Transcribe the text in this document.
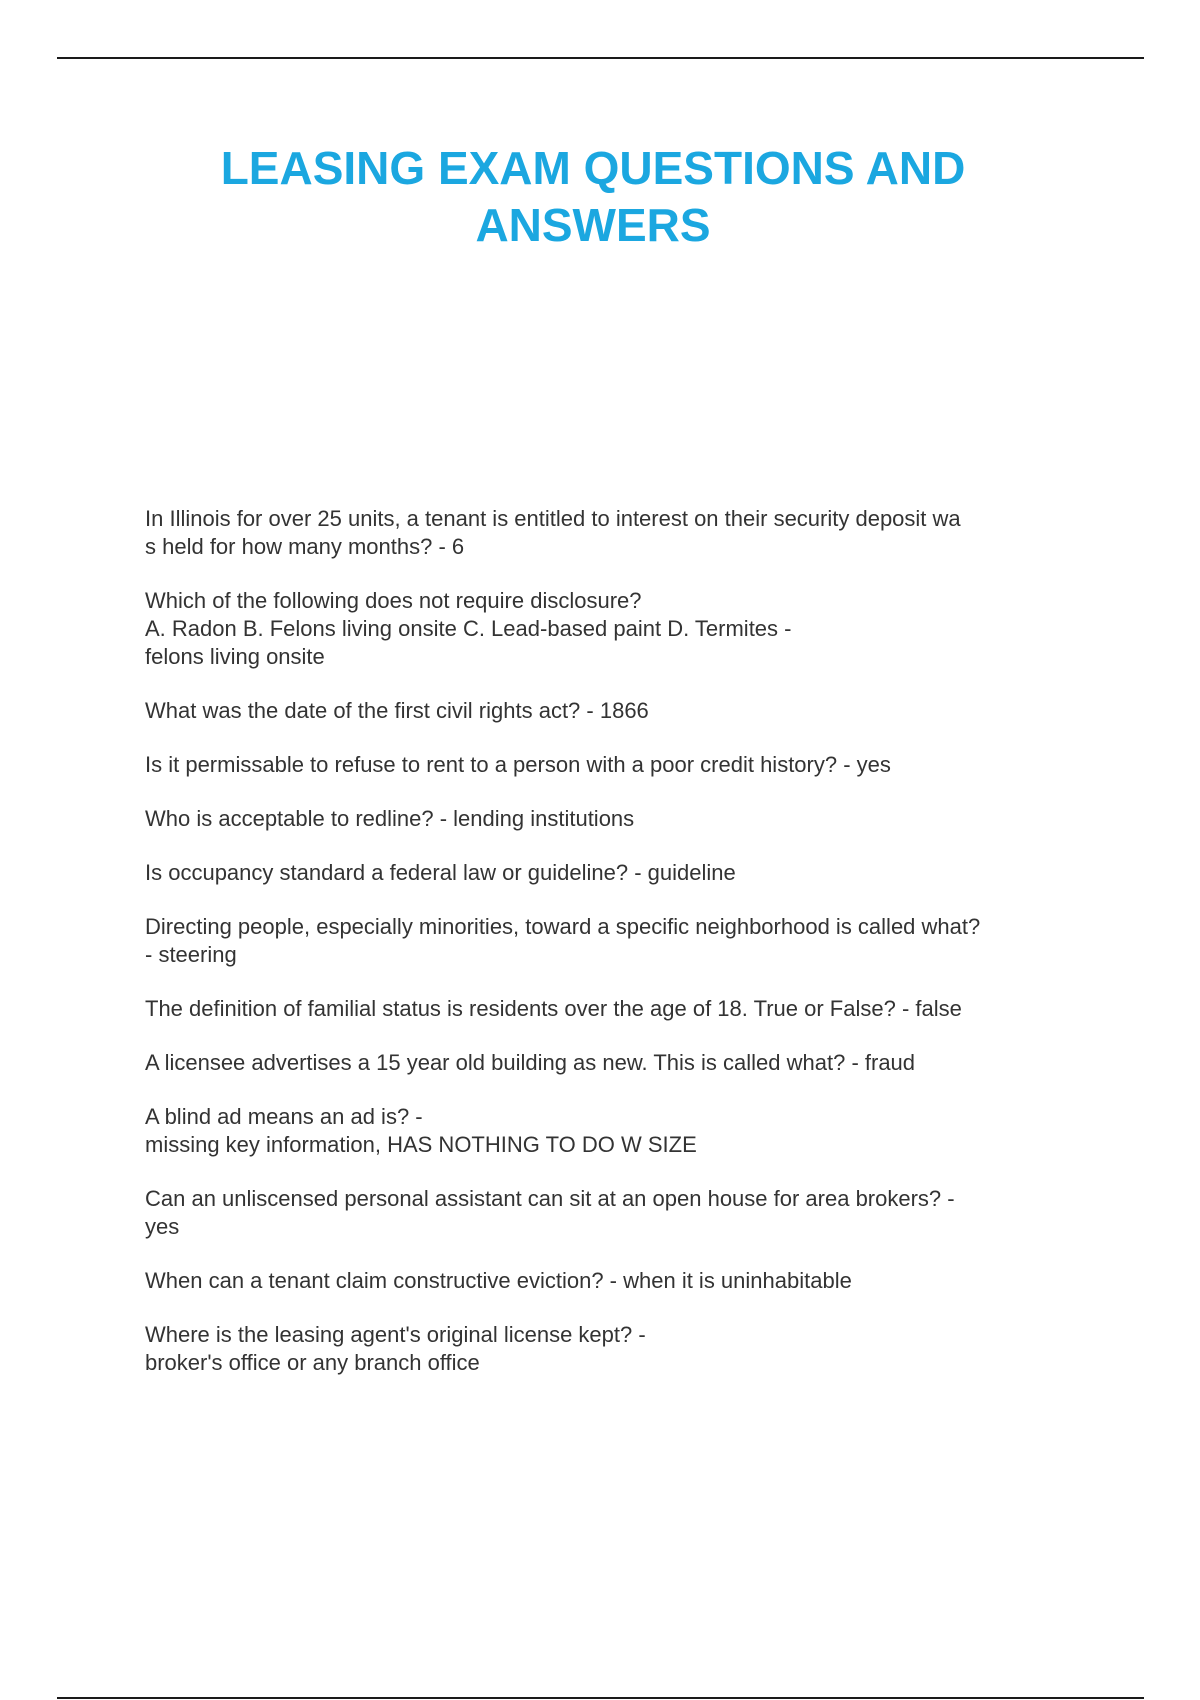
LEASING EXAM QUESTIONS AND
ANSWERS
In Illinois for over 25 units, a tenant is entitled to interest on their security deposit wa
s held for how many months? - 6
Which of the following does not require disclosure?
A. Radon B. Felons living onsite C. Lead-based paint D. Termites -
felons living onsite
What was the date of the first civil rights act? - 1866
Is it permissable to refuse to rent to a person with a poor credit history? - yes
Who is acceptable to redline? - lending institutions
Is occupancy standard a federal law or guideline? - guideline
Directing people, especially minorities, toward a specific neighborhood is called what?
- steering
The definition of familial status is residents over the age of 18. True or False? - false
A licensee advertises a 15 year old building as new. This is called what? - fraud
A blind ad means an ad is? -
missing key information, HAS NOTHING TO DO W SIZE
Can an unliscensed personal assistant can sit at an open house for area brokers? -
yes
When can a tenant claim constructive eviction? - when it is uninhabitable
Where is the leasing agent's original license kept? -
broker's office or any branch office
